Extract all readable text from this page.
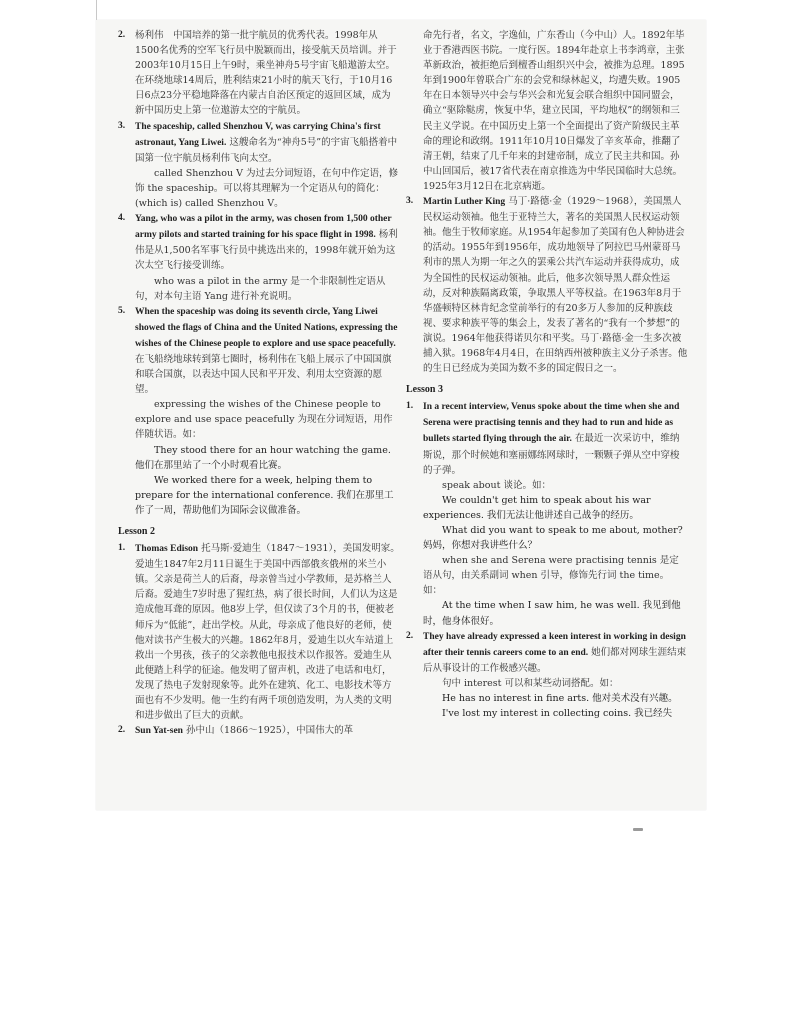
2. 杨利伟　中国培养的第一批宇航员的优秀代表。1998年从1500名优秀的空军飞行员中脱颖而出，接受航天员培训。并于2003年10月15日上午9时，乘坐神舟5号宇宙飞船遨游太空。在环绕地球14周后，胜利结束21小时的航天飞行，于10月16日6点23分平稳地降落在内蒙古自治区预定的返回区域，成为新中国历史上第一位遨游太空的宇航员。

3. The spaceship, called Shenzhou V, was carrying China's first astronaut, Yang Liwei. 这艘命名为“神舟5号”的宇宙飞船搭着中国第一位宇航员杨利伟飞向太空。

called Shenzhou V 为过去分词短语，在句中作定语，修饰 the spaceship。可以将其理解为一个定语从句的简化：(which is) called Shenzhou V。

4. Yang, who was a pilot in the army, was chosen from 1,500 other army pilots and started training for his space flight in 1998. 杨利伟是从1,500名军事飞行员中挑选出来的，1998年就开始为这次太空飞行接受训练。

who was a pilot in the army 是一个非限制性定语从句，对本句主语 Yang 进行补充说明。

5. When the spaceship was doing its seventh circle, Yang Liwei showed the flags of China and the United Nations, expressing the wishes of the Chinese people to explore and use space peacefully. 在飞船绕地球转到第七圈时，杨利伟在飞船上展示了中国国旗和联合国旗，以表达中国人民和平开发、利用太空资源的愿望。

expressing the wishes of the Chinese people to explore and use space peacefully 为现在分词短语，用作伴随状语。如：

They stood there for an hour watching the game. 他们在那里站了一个小时观看比赛。

We worked there for a week, helping them to prepare for the international conference. 我们在那里工作了一周，帮助他们为国际会议做准备。

Lesson 2
1. Thomas Edison 托马斯·爱迪生（1847～1931），美国发明家。爱迪生1847年2月11日诞生于美国中西部俄亥俄州的米兰小镇。父亲是荷兰人的后裔，母亲曾当过小学教师，是苏格兰人后裔。爱迪生7岁时患了猩红热，病了很长时间，人们认为这是造成他耳聋的原因。他8岁上学，但仅读了3个月的书，便被老师斥为“低能”，赶出学校。从此，母亲成了他良好的老师，使他对读书产生极大的兴趣。1862年8月，爱迪生以火车站道上救出一个男孩，孩子的父亲教他电报技术以作报答。爱迪生从此便踏上科学的征途。他发明了留声机，改进了电话和电灯，发现了热电子发射现象等。此外在建筑、化工、电影技术等方面也有不少发明。他一生约有两千项创造发明，为人类的文明和进步做出了巨大的贡献。

2. Sun Yat-sen 孙中山（1866～1925），中国伟大的革

命先行者，名文，字逸仙，广东香山（今中山）人。1892年毕业于香港西医书院。一度行医。1894年赴京上书李鸿章，主张革新政治，被拒绝后到檀香山组织兴中会，被推为总理。1895年到1900年曾联合广东的会党和绿林起义，均遭失败。1905年在日本领导兴中会与华兴会和光复会联合组织中国同盟会，确立“驱除鞑虏，恢复中华，建立民国，平均地权”的纲领和三民主义学说。在中国历史上第一个全面提出了资产阶级民主革命的理论和政纲。1911年10月10日爆发了辛亥革命，推翻了清王朝，结束了几千年来的封建帝制，成立了民主共和国。孙中山回国后，被17省代表在南京推选为中华民国临时大总统。1925年3月12日在北京病逝。

3. Martin Luther King 马丁·路德·金（1929～1968），美国黑人民权运动领袖。他生于亚特兰大，著名的美国黑人民权运动领袖。他生于牧师家庭。从1954年起参加了美国有色人种协进会的活动。1955年到1956年，成功地领导了阿拉巴马州蒙哥马利市的黑人为期一年之久的罢乘公共汽车运动并获得成功，成为全国性的民权运动领袖。此后，他多次领导黑人群众性运动，反对种族隔离政策，争取黑人平等权益。在1963年8月于华盛顿特区林肯纪念堂前举行的有20多万人参加的反种族歧视、要求种族平等的集会上，发表了著名的“我有一个梦想”的演说。1964年他获得诺贝尔和平奖。马丁·路德·金一生多次被捕入狱。1968年4月4日，在田纳西州被种族主义分子杀害。他的生日已经成为美国为数不多的国定假日之一。

Lesson 3
1. In a recent interview, Venus spoke about the time when she and Serena were practising tennis and they had to run and hide as bullets started flying through the air. 在最近一次采访中，维纳斯说，那个时候她和塞丽娜练网球时，一颗颗子弹从空中穿梭的子弹。

speak about 谈论。如：

We couldn't get him to speak about his war experiences. 我们无法让他讲述自己战争的经历。

What did you want to speak to me about, mother? 妈妈，你想对我讲些什么？

when she and Serena were practising tennis 是定语从句，由关系副词 when 引导，修饰先行词 the time。如：

At the time when I saw him, he was well. 我见到他时，他身体很好。

2. They have already expressed a keen interest in working in design after their tennis careers come to an end. 她们都对网球生涯结束后从事设计的工作极感兴趣。

句中 interest 可以和某些动词搭配。如：

He has no interest in fine arts. 他对美术没有兴趣。

I've lost my interest in collecting coins. 我已经失
